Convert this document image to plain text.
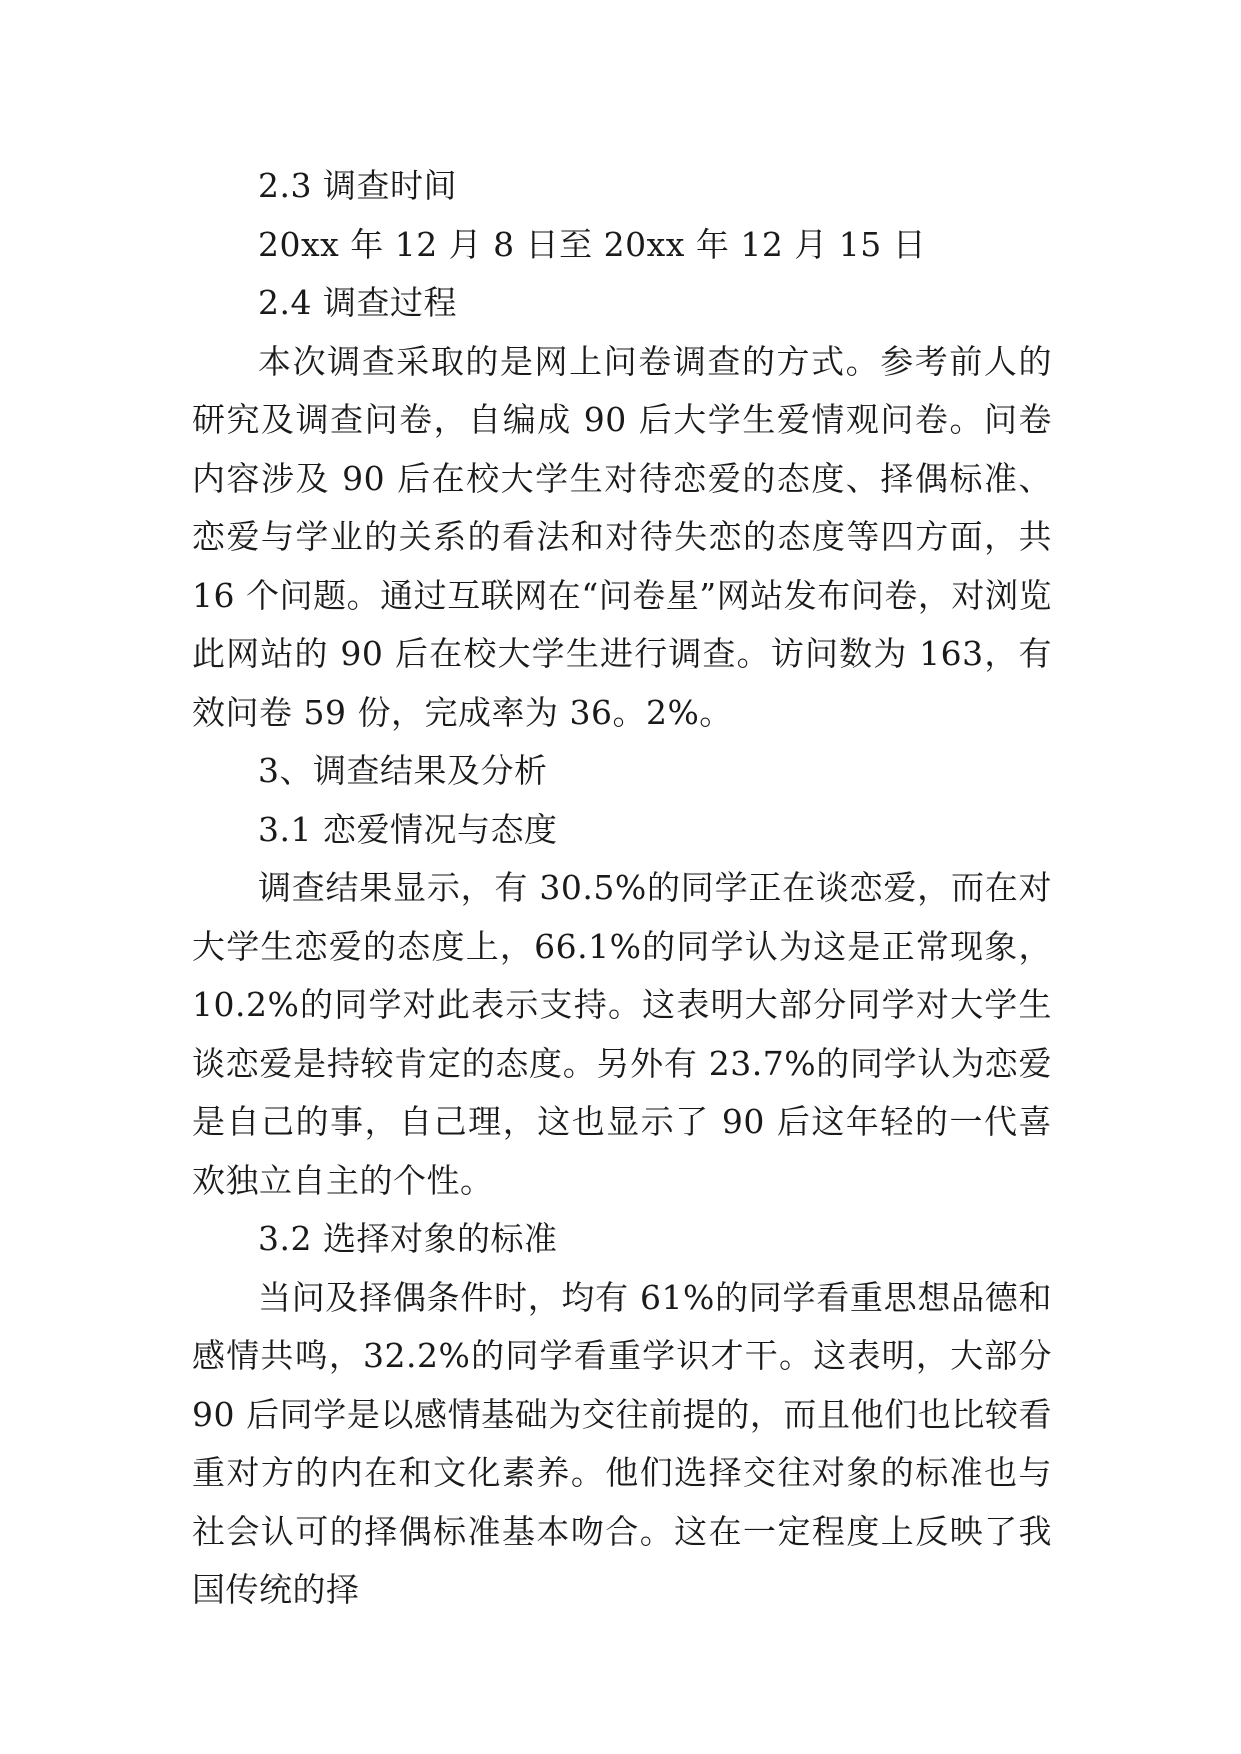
2.3 调查时间

20xx 年 12 月 8 日至 20xx 年 12 月 15 日

2.4 调查过程

本次调查采取的是网上问卷调查的方式。参考前人的研究及调查问卷，自编成 90 后大学生爱情观问卷。问卷内容涉及 90 后在校大学生对待恋爱的态度、择偶标准、恋爱与学业的关系的看法和对待失恋的态度等四方面，共 16 个问题。通过互联网在“问卷星”网站发布问卷，对浏览此网站的 90 后在校大学生进行调查。访问数为 163，有效问卷 59 份，完成率为 36。2%。

3、调查结果及分析

3.1 恋爱情况与态度

调查结果显示，有 30.5%的同学正在谈恋爱，而在对大学生恋爱的态度上，66.1%的同学认为这是正常现象，10.2%的同学对此表示支持。这表明大部分同学对大学生谈恋爱是持较肯定的态度。另外有 23.7%的同学认为恋爱是自己的事，自己理，这也显示了 90 后这年轻的一代喜欢独立自主的个性。

3.2 选择对象的标准

当问及择偶条件时，均有 61%的同学看重思想品德和感情共鸣，32.2%的同学看重学识才干。这表明，大部分 90 后同学是以感情基础为交往前提的，而且他们也比较看重对方的内在和文化素养。他们选择交往对象的标准也与社会认可的择偶标准基本吻合。这在一定程度上反映了我国传统的择
